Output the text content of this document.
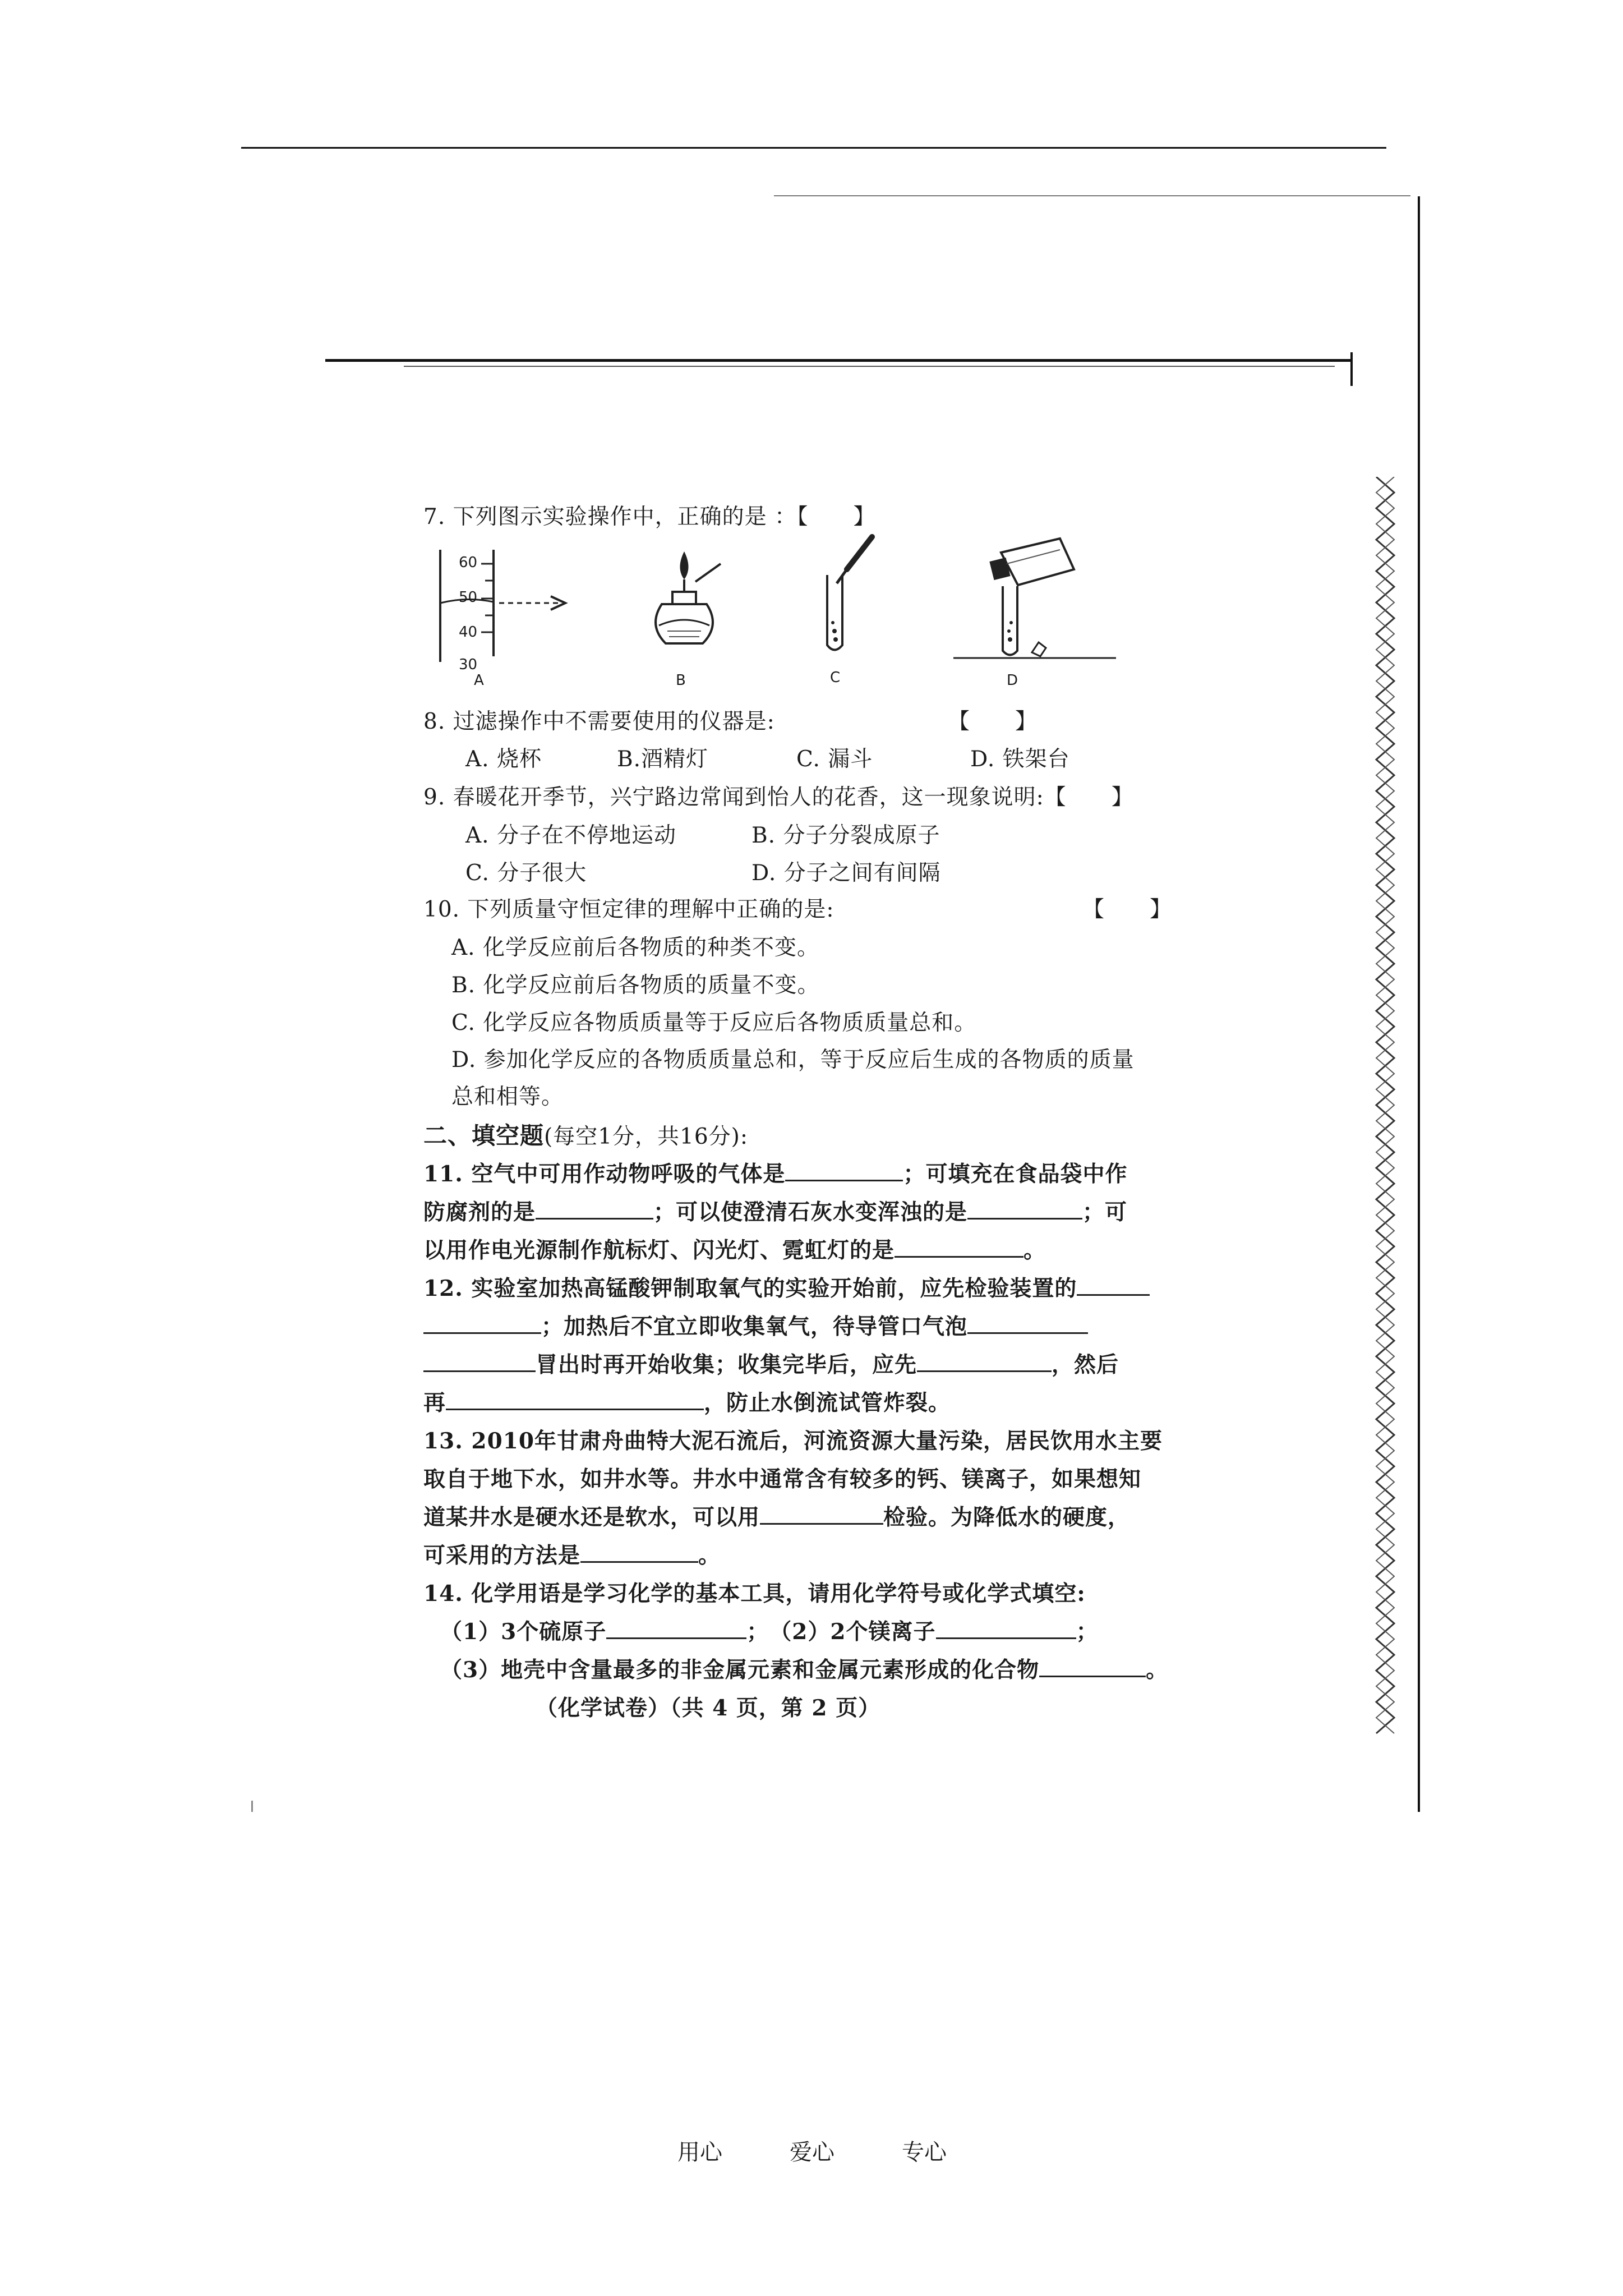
7. 下列图示实验操作中，正确的是 ：【　　】
60
50
40
30
A	B	C	D
8. 过滤操作中不需要使用的仪器是:	【　　】
A. 烧杯	B.酒精灯	C. 漏斗	D. 铁架台
9. 春暖花开季节，兴宁路边常闻到怡人的花香，这一现象说明:【　　】
A. 分子在不停地运动	B. 分子分裂成原子
C. 分子很大	D. 分子之间有间隔
10. 下列质量守恒定律的理解中正确的是:	【　　】
A. 化学反应前后各物质的种类不变。
B. 化学反应前后各物质的质量不变。
C. 化学反应各物质质量等于反应后各物质质量总和。
D. 参加化学反应的各物质质量总和，等于反应后生成的各物质的质量
总和相等。
二、填空题(每空1分，共16分):
11. 空气中可用作动物呼吸的气体是	；可填充在食品袋中作
防腐剂的是	；可以使澄清石灰水变浑浊的是	；可
以用作电光源制作航标灯、闪光灯、霓虹灯的是	。
12. 实验室加热高锰酸钾制取氧气的实验开始前，应先检验装置的
；加热后不宜立即收集氧气，待导管口气泡
冒出时再开始收集；收集完毕后，应先	，然后
再	，防止水倒流试管炸裂。
13. 2010年甘肃舟曲特大泥石流后，河流资源大量污染，居民饮用水主要
取自于地下水，如井水等。井水中通常含有较多的钙、镁离子，如果想知
道某井水是硬水还是软水，可以用	检验。为降低水的硬度，
可采用的方法是	。
14. 化学用语是学习化学的基本工具，请用化学符号或化学式填空:
（1）3个硫原子	；　（2）2个镁离子	；
（3）地壳中含量最多的非金属元素和金属元素形成的化合物	。
（化学试卷）（共 4 页，第 2 页）
用心	爱心	专心
